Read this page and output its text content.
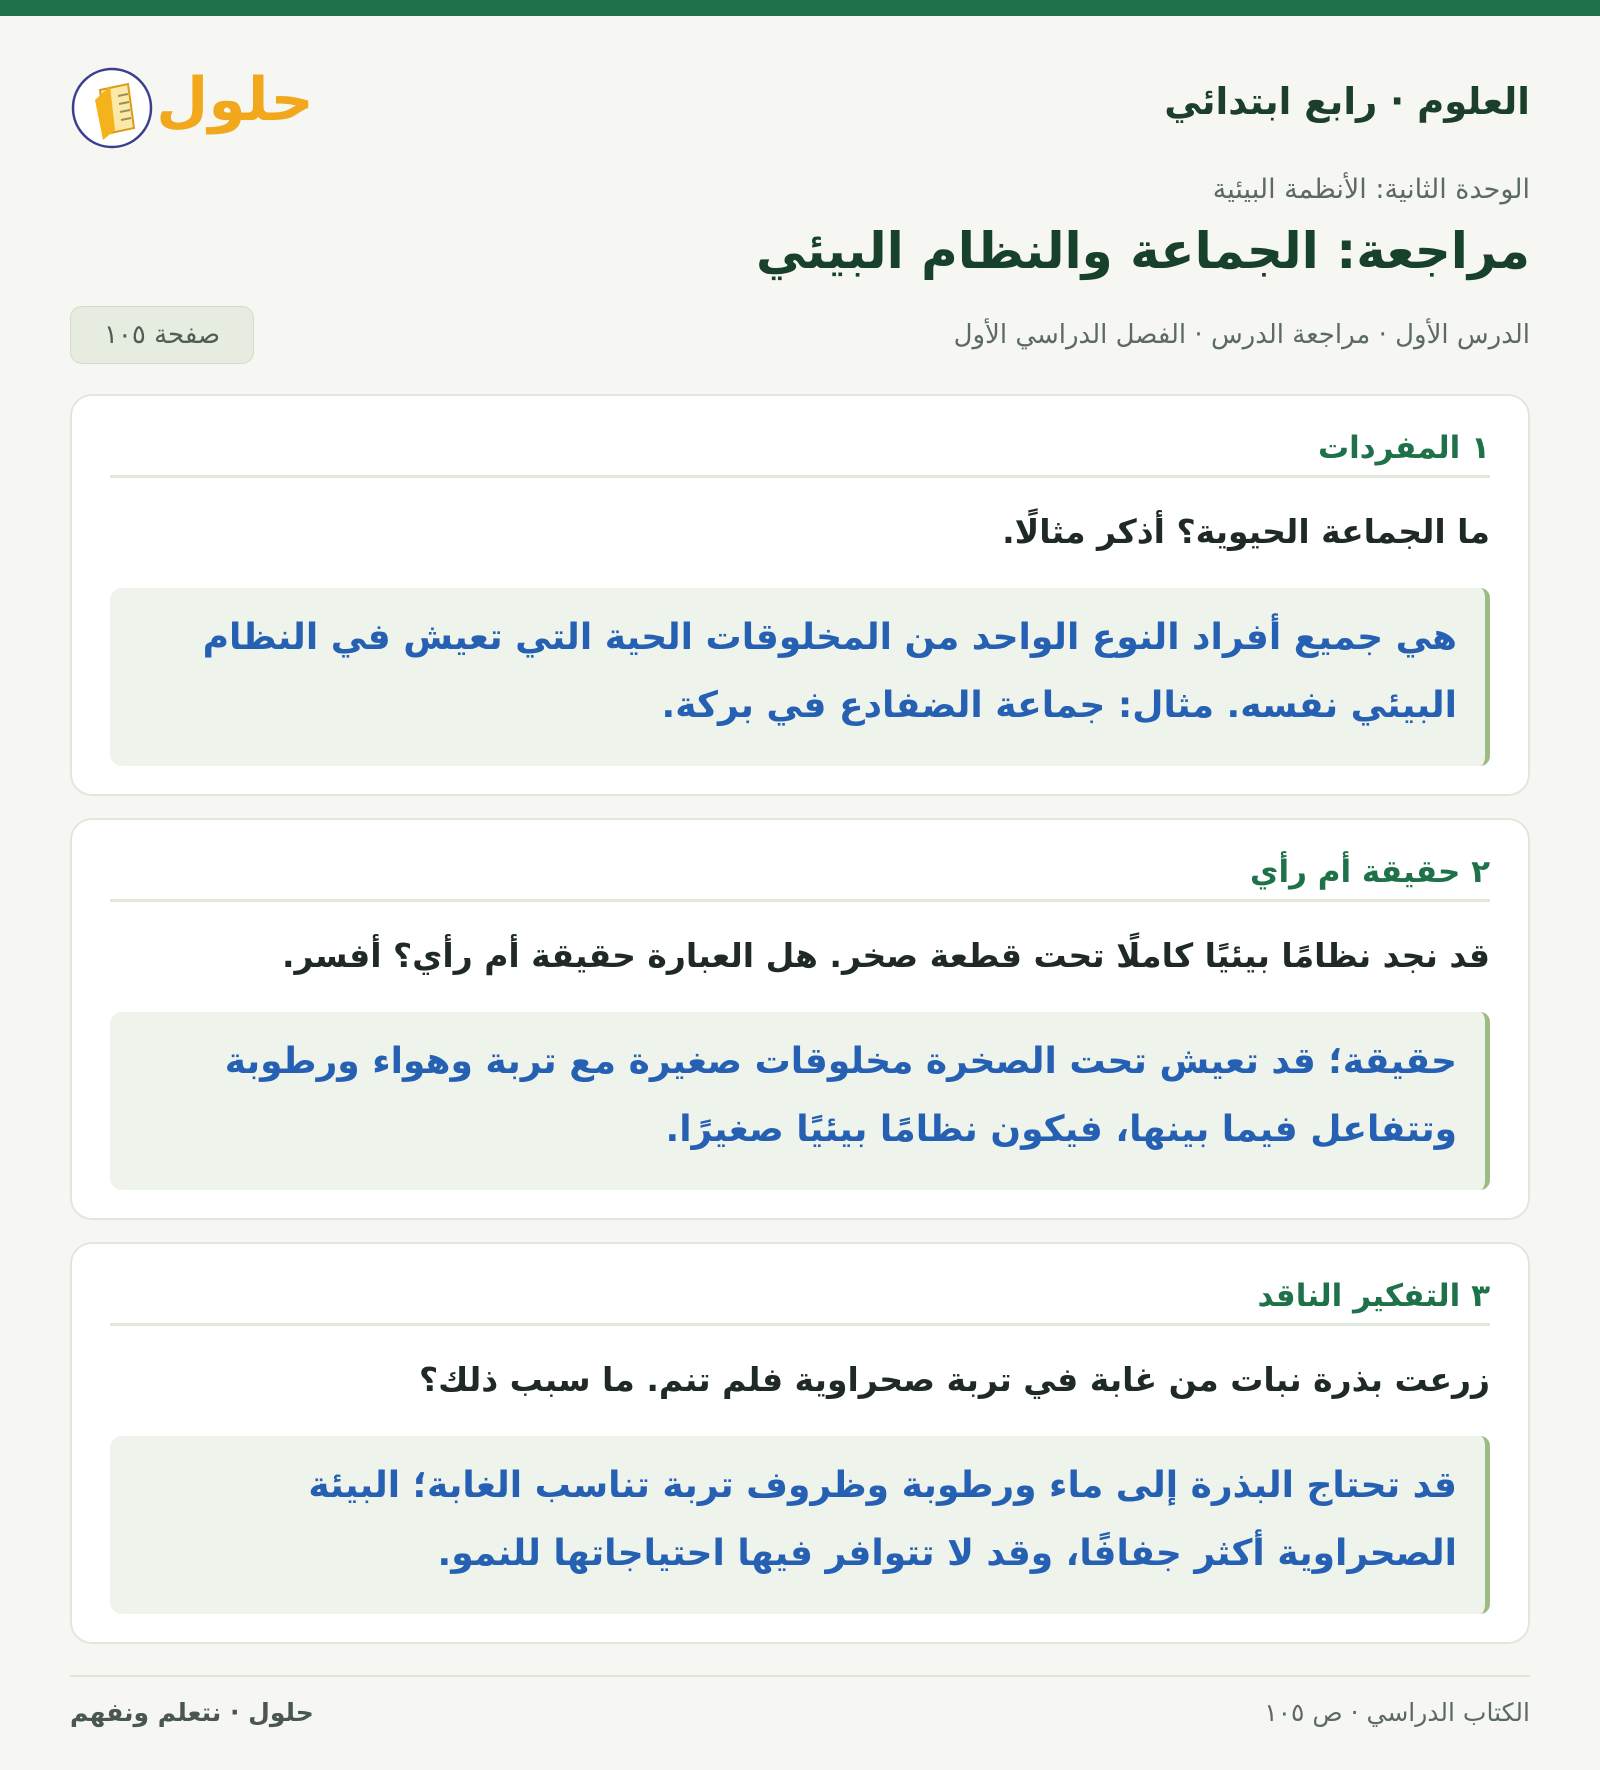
العلوم · رابع ابتدائي
حلول
الوحدة الثانية: الأنظمة البيئية
مراجعة: الجماعة والنظام البيئي
الدرس الأول · مراجعة الدرس · الفصل الدراسي الأول
صفحة ١٠٥
١ المفردات
ما الجماعة الحيوية؟ أذكر مثالًا.
هي جميع أفراد النوع الواحد من المخلوقات الحية التي تعيش في النظام البيئي نفسه. مثال: جماعة الضفادع في بركة.
٢ حقيقة أم رأي
قد نجد نظامًا بيئيًا كاملًا تحت قطعة صخر. هل العبارة حقيقة أم رأي؟ أفسر.
حقيقة؛ قد تعيش تحت الصخرة مخلوقات صغيرة مع تربة وهواء ورطوبة وتتفاعل فيما بينها، فيكون نظامًا بيئيًا صغيرًا.
٣ التفكير الناقد
زرعت بذرة نبات من غابة في تربة صحراوية فلم تنم. ما سبب ذلك؟
قد تحتاج البذرة إلى ماء ورطوبة وظروف تربة تناسب الغابة؛ البيئة الصحراوية أكثر جفافًا، وقد لا تتوافر فيها احتياجاتها للنمو.
الكتاب الدراسي · ص ١٠٥
حلول · نتعلم ونفهم
